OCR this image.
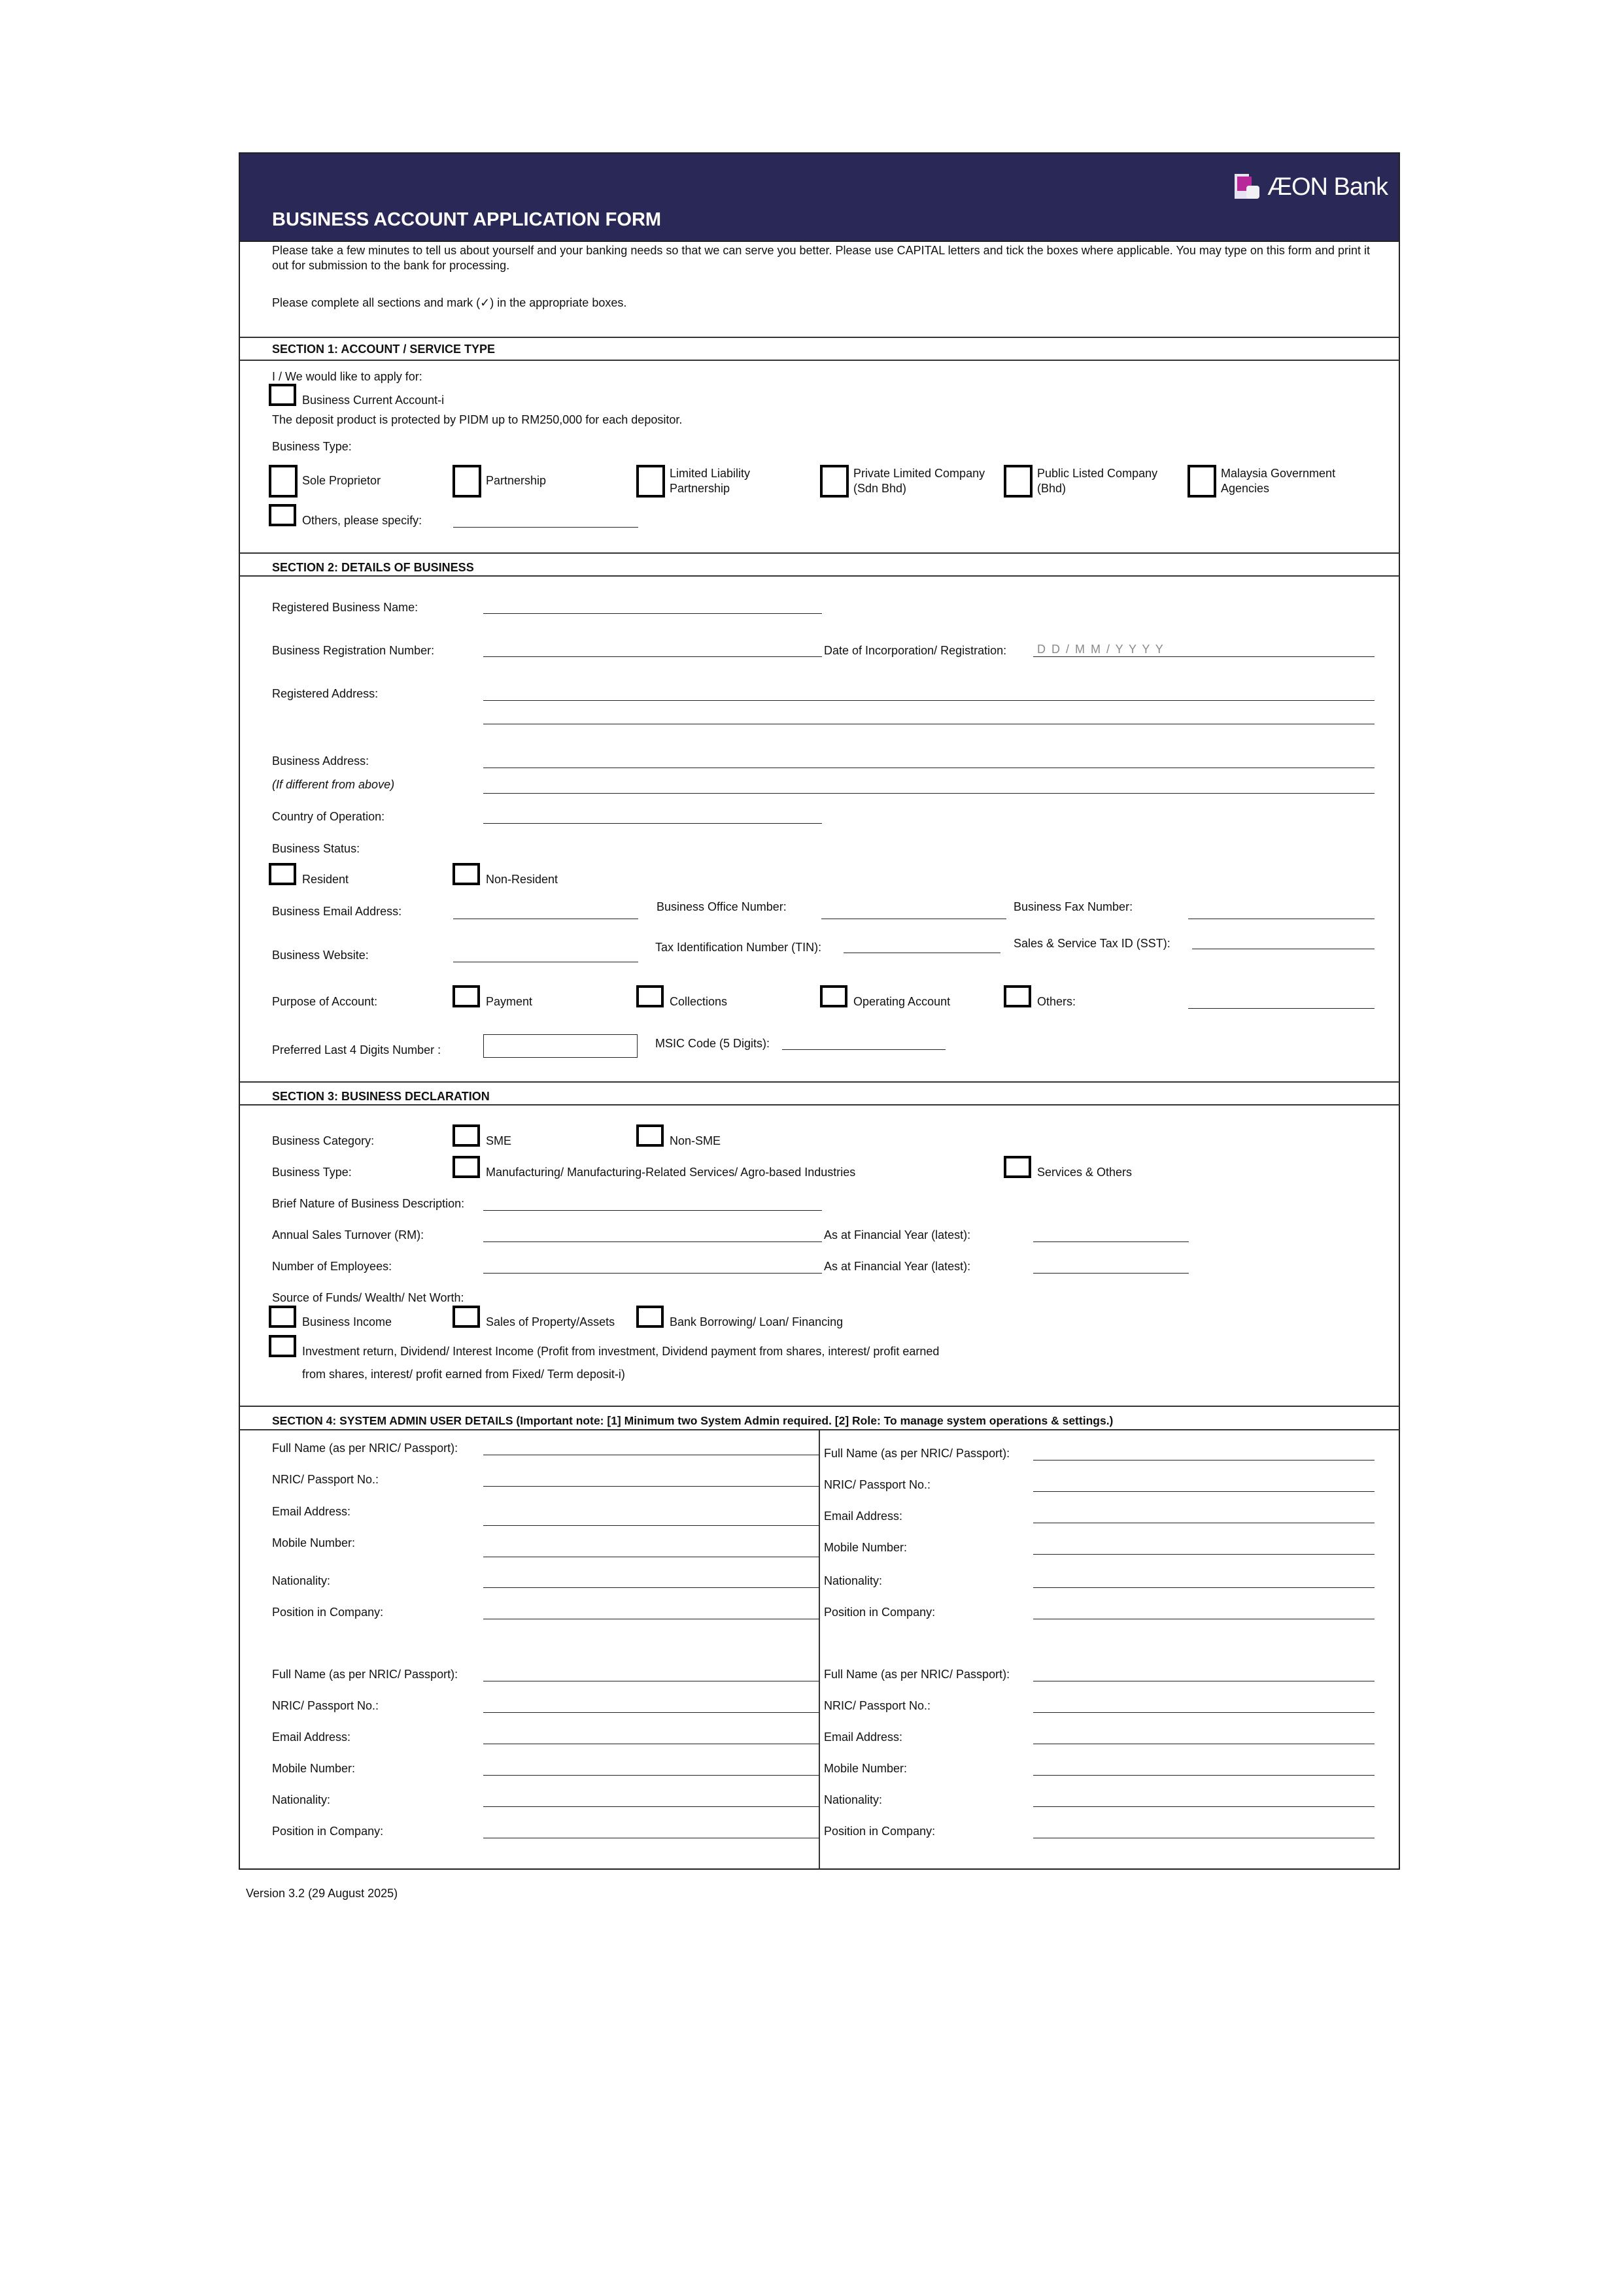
ÆON Bank
BUSINESS ACCOUNT APPLICATION FORM
Please take a few minutes to tell us about yourself and your banking needs so that we can serve you better. Please use CAPITAL letters and tick the boxes where applicable. You may type on this form and print it out for submission to the bank for processing.
Please complete all sections and mark (✓) in the appropriate boxes.
SECTION 1: ACCOUNT / SERVICE TYPE
I / We would like to apply for:
Business Current Account-i
The deposit product is protected by PIDM up to RM250,000 for each depositor.
Business Type:
Sole Proprietor	Partnership
Limited Liability
Partnership
Private Limited Company
(Sdn Bhd)
Public Listed Company
(Bhd)
Malaysia Government
Agencies
Others, please specify:
SECTION 2: DETAILS OF BUSINESS
Registered Business Name:
Business Registration Number:	Date of Incorporation/ Registration:	D D / M M / Y Y Y Y
Registered Address:
Business Address:
(If different from above)
Country of Operation:
Business Status:
Resident	Non-Resident
Business Email Address:	Business Office Number:	Business Fax Number:
Business Website:
Tax Identification Number (TIN):	Sales & Service Tax ID (SST):
Purpose of Account:	Payment	Collections	Operating Account	Others:
Preferred Last 4 Digits Number :	MSIC Code (5 Digits):
SECTION 3: BUSINESS DECLARATION
Business Category:	SME	Non-SME
Business Type:	Manufacturing/ Manufacturing-Related Services/ Agro-based Industries	Services & Others
Brief Nature of Business Description:
Annual Sales Turnover (RM):	As at Financial Year (latest):
Number of Employees:	As at Financial Year (latest):
Source of Funds/ Wealth/ Net Worth:
Business Income	Sales of Property/Assets	Bank Borrowing/ Loan/ Financing
Investment return, Dividend/ Interest Income (Profit from investment, Dividend payment from shares, interest/ profit earned
from shares, interest/ profit earned from Fixed/ Term deposit-i)
SECTION 4: SYSTEM ADMIN USER DETAILS (Important note: [1] Minimum two System Admin required. [2] Role: To manage system operations & settings.)
Full Name (as per NRIC/ Passport):
NRIC/ Passport No.:
Email Address:
Mobile Number:
Nationality:
Position in Company:
Full Name (as per NRIC/ Passport):
NRIC/ Passport No.:
Email Address:
Mobile Number:
Nationality:
Position in Company:
Full Name (as per NRIC/ Passport):
NRIC/ Passport No.:
Email Address:
Mobile Number:
Nationality:
Position in Company:
Full Name (as per NRIC/ Passport):
NRIC/ Passport No.:
Email Address:
Mobile Number:
Nationality:
Position in Company:
Version 3.2 (29 August 2025)
